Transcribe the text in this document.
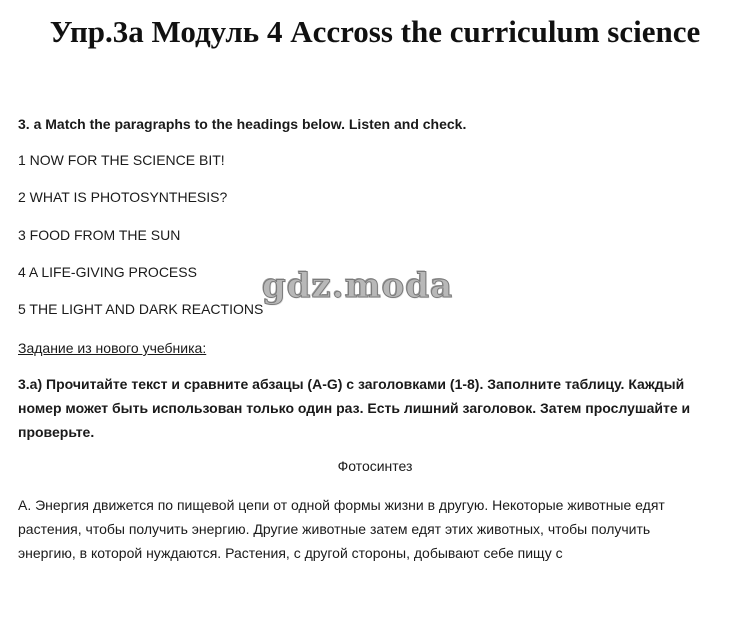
Упр.3a Модуль 4 Accross the curriculum science

3. a Match the paragraphs to the headings below. Listen and check.

1 NOW FOR THE SCIENCE BIT!

2 WHAT IS PHOTOSYNTHESIS?

3 FOOD FROM THE SUN

4 A LIFE-GIVING PROCESS

5 THE LIGHT AND DARK REACTIONS

gdz.moda

Задание из нового учебника:

3.а) Прочитайте текст и сравните абзацы (A-G) с заголовками (1-8). Заполните таблицу. Каждый номер может быть использован только один раз. Есть лишний заголовок. Затем прослушайте и проверьте.

Фотосинтез

A. Энергия движется по пищевой цепи от одной формы жизни в другую. Некоторые животные едят растения, чтобы получить энергию. Другие животные затем едят этих животных, чтобы получить энергию, в которой нуждаются. Растения, с другой стороны, добывают себе пищу с
